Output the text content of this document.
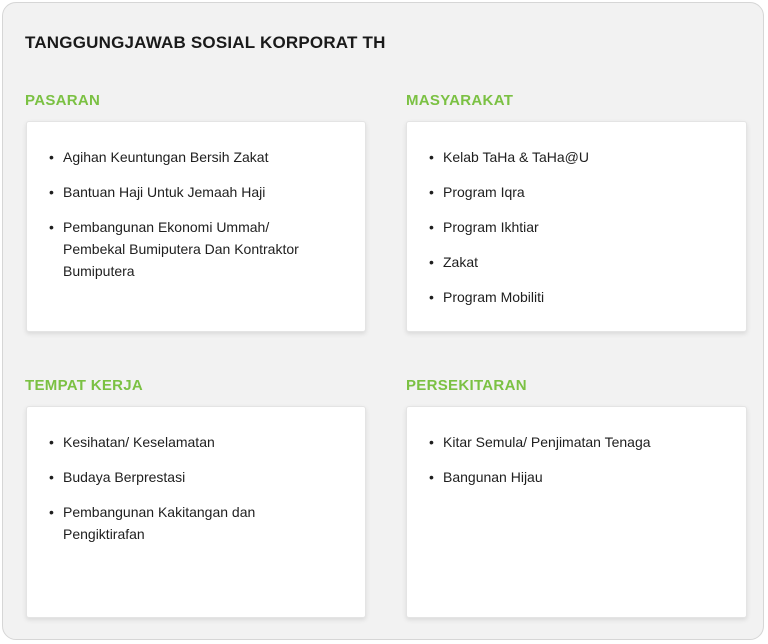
TANGGUNGJAWAB SOSIAL KORPORAT TH
PASARAN
• Agihan Keuntungan Bersih Zakat
• Bantuan Haji Untuk Jemaah Haji
• Pembangunan Ekonomi Ummah/ Pembekal Bumiputera Dan Kontraktor Bumiputera
MASYARAKAT
• Kelab TaHa & TaHa@U
• Program Iqra
• Program Ikhtiar
• Zakat
• Program Mobiliti
TEMPAT KERJA
• Kesihatan/ Keselamatan
• Budaya Berprestasi
• Pembangunan Kakitangan dan Pengiktirafan
PERSEKITARAN
• Kitar Semula/ Penjimatan Tenaga
• Bangunan Hijau
